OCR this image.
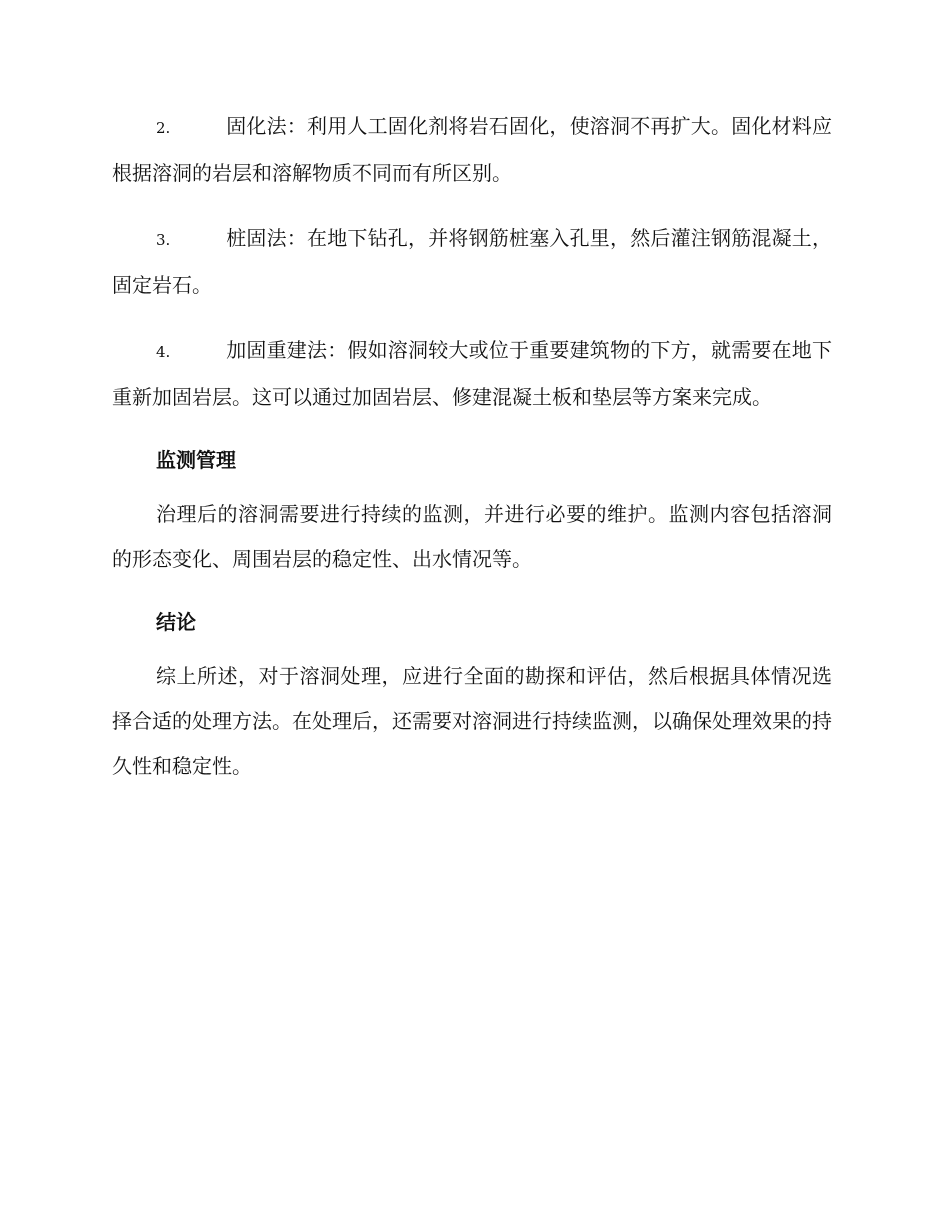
2.	固化法：利用人工固化剂将岩石固化，使溶洞不再扩大。固化材料应根据溶洞的岩层和溶解物质不同而有所区别。
3.	桩固法：在地下钻孔，并将钢筋桩塞入孔里，然后灌注钢筋混凝土，固定岩石。
4.	加固重建法：假如溶洞较大或位于重要建筑物的下方，就需要在地下重新加固岩层。这可以通过加固岩层、修建混凝土板和垫层等方案来完成。
监测管理

治理后的溶洞需要进行持续的监测，并进行必要的维护。监测内容包括溶洞的形态变化、周围岩层的稳定性、出水情况等。

结论

综上所述，对于溶洞处理，应进行全面的勘探和评估，然后根据具体情况选择合适的处理方法。在处理后，还需要对溶洞进行持续监测，以确保处理效果的持久性和稳定性。
